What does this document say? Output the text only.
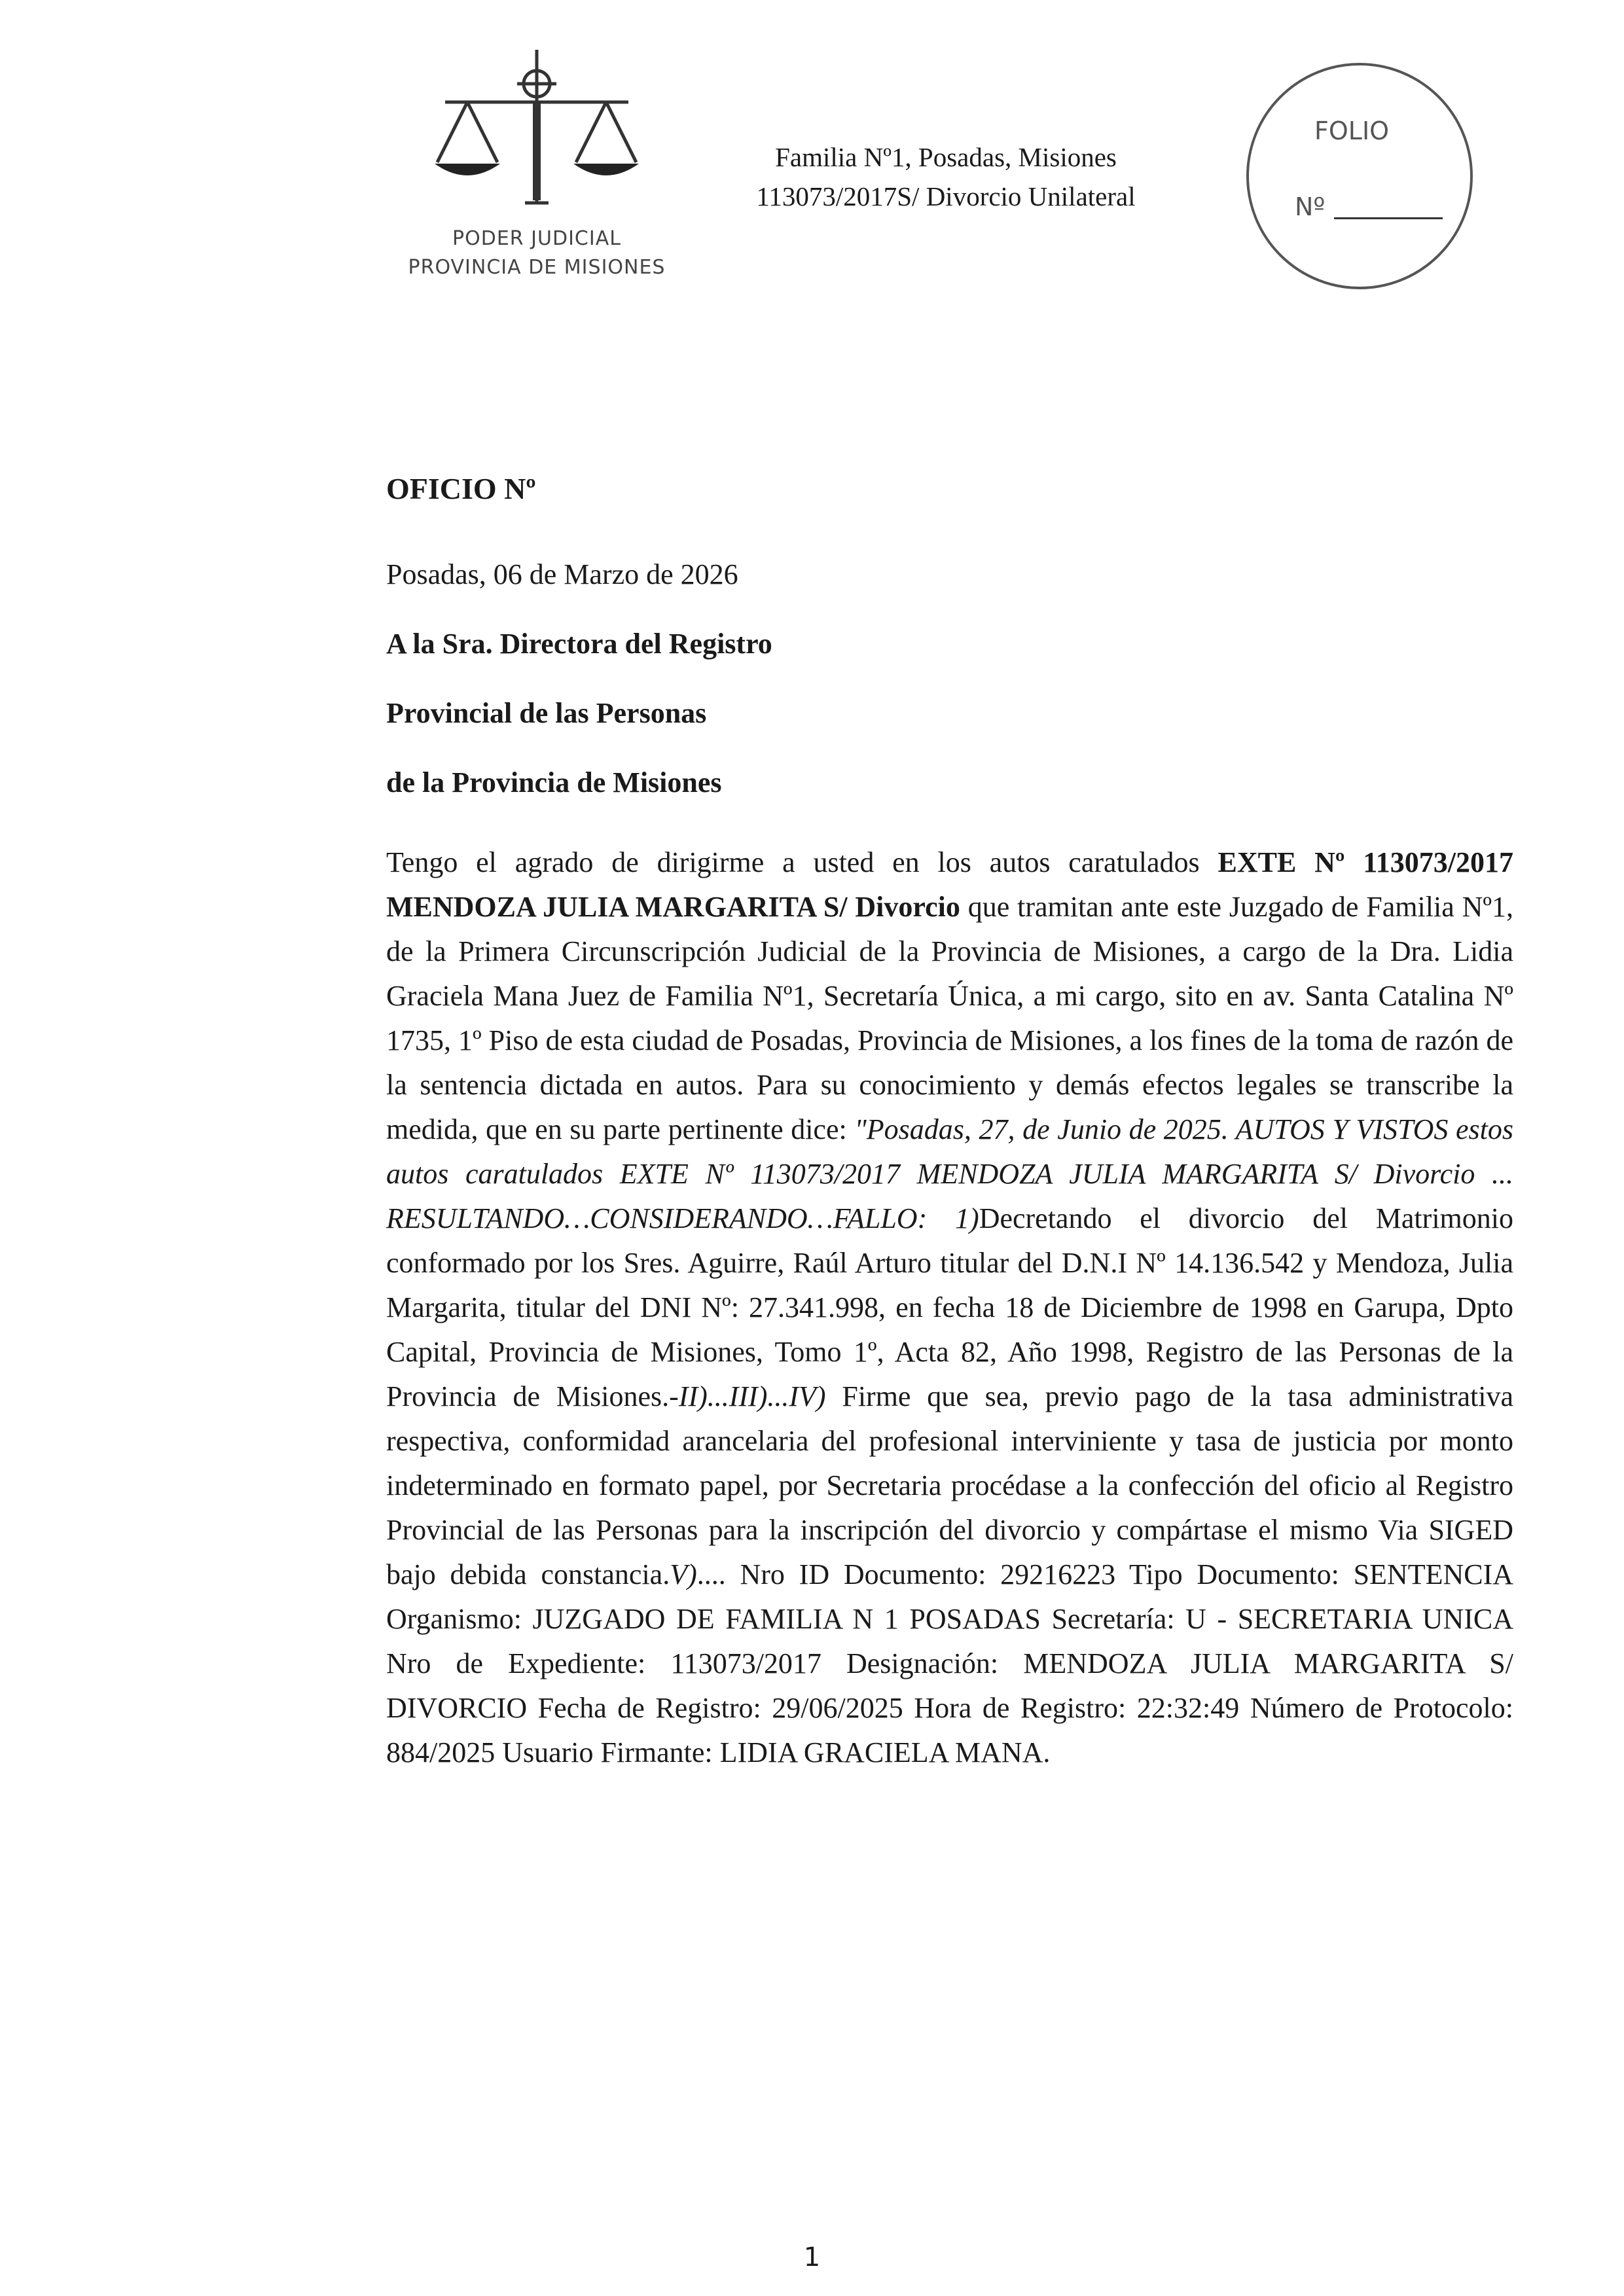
PODER JUDICIAL
PROVINCIA DE MISIONES
Familia Nº1, Posadas, Misiones
113073/2017S/ Divorcio Unilateral
FOLIO
Nº
OFICIO Nº
Posadas, 06 de Marzo de 2026
A la Sra. Directora del Registro
Provincial de las Personas
de la Provincia de Misiones
Tengo el agrado de dirigirme a usted en los autos caratulados EXTE Nº 113073/2017 MENDOZA JULIA MARGARITA S/ Divorcio que tramitan ante este Juzgado de Familia Nº1, de la Primera Circunscripción Judicial de la Provincia de Misiones, a cargo de la Dra. Lidia Graciela Mana Juez de Familia Nº1, Secretaría Única, a mi cargo, sito en av. Santa Catalina Nº 1735, 1º Piso de esta ciudad de Posadas, Provincia de Misiones, a los fines de la toma de razón de la sentencia dictada en autos. Para su conocimiento y demás efectos legales se transcribe la medida, que en su parte pertinente dice: "Posadas, 27, de Junio de 2025. AUTOS Y VISTOS estos autos caratulados EXTE Nº 113073/2017 MENDOZA JULIA MARGARITA S/ Divorcio ... RESULTANDO…CONSIDERANDO…FALLO: 1)Decretando el divorcio del Matrimonio conformado por los Sres. Aguirre, Raúl Arturo titular del D.N.I Nº 14.136.542 y Mendoza, Julia Margarita, titular del DNI Nº: 27.341.998, en fecha 18 de Diciembre de 1998 en Garupa, Dpto Capital, Provincia de Misiones, Tomo 1º, Acta 82, Año 1998, Registro de las Personas de la Provincia de Misiones.-II)...III)...IV) Firme que sea, previo pago de la tasa administrativa respectiva, conformidad arancelaria del profesional interviniente y tasa de justicia por monto indeterminado en formato papel, por Secretaria procédase a la confección del oficio al Registro Provincial de las Personas para la inscripción del divorcio y compártase el mismo Via SIGED bajo debida constancia.V).... Nro ID Documento: 29216223 Tipo Documento: SENTENCIA Organismo: JUZGADO DE FAMILIA N 1 POSADAS Secretaría: U - SECRETARIA UNICA Nro de Expediente: 113073/2017 Designación: MENDOZA JULIA MARGARITA S/ DIVORCIO Fecha de Registro: 29/06/2025 Hora de Registro: 22:32:49 Número de Protocolo: 884/2025 Usuario Firmante: LIDIA GRACIELA MANA.
1
